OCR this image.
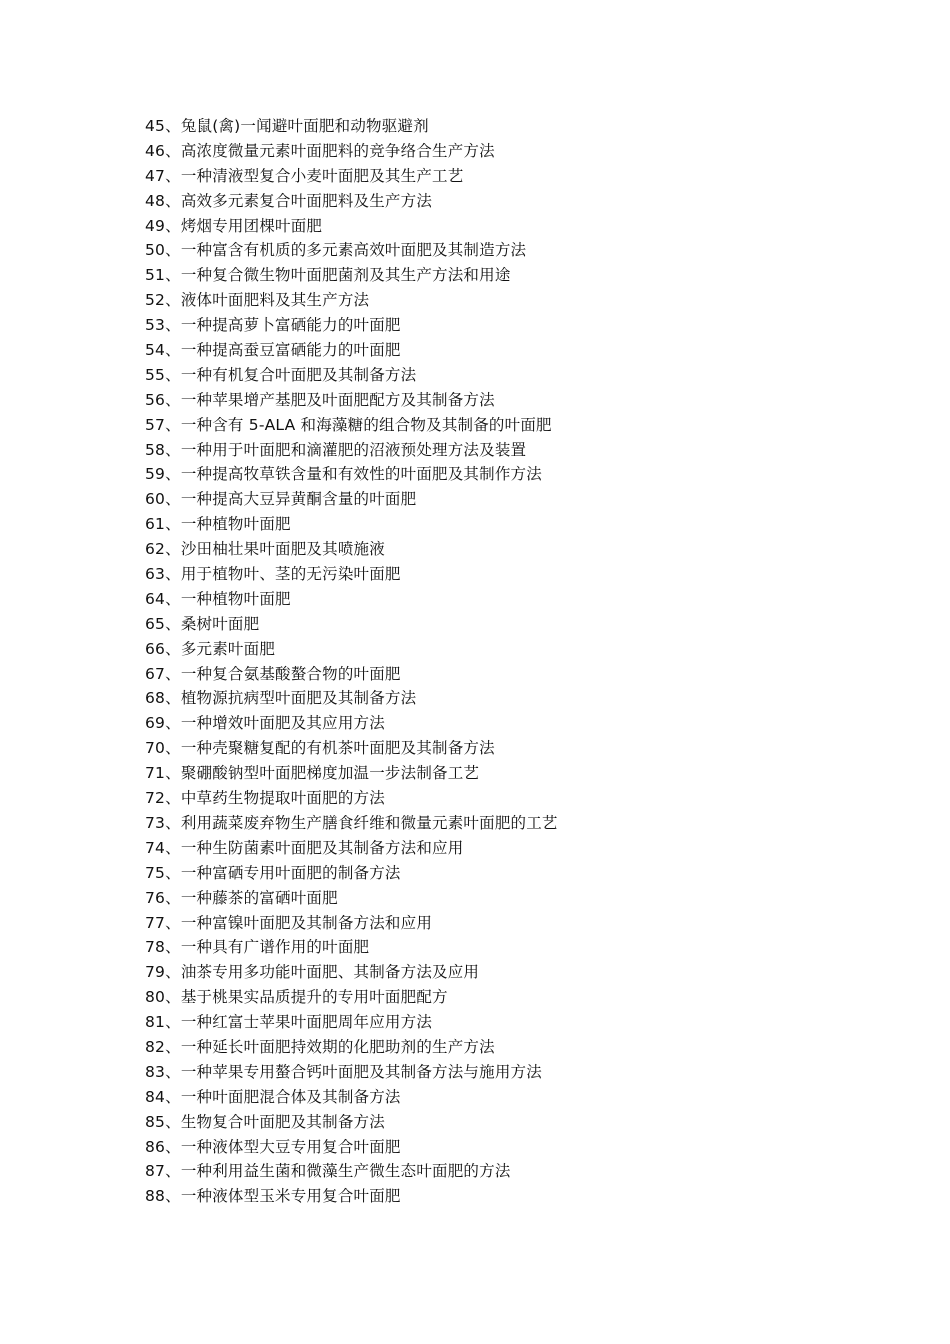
45、兔鼠(禽)一闻避叶面肥和动物驱避剂
46、高浓度微量元素叶面肥料的竞争络合生产方法
47、一种清液型复合小麦叶面肥及其生产工艺
48、高效多元素复合叶面肥料及生产方法
49、烤烟专用团棵叶面肥
50、一种富含有机质的多元素高效叶面肥及其制造方法
51、一种复合微生物叶面肥菌剂及其生产方法和用途
52、液体叶面肥料及其生产方法
53、一种提高萝卜富硒能力的叶面肥
54、一种提高蚕豆富硒能力的叶面肥
55、一种有机复合叶面肥及其制备方法
56、一种苹果增产基肥及叶面肥配方及其制备方法
57、一种含有 5-ALA 和海藻糖的组合物及其制备的叶面肥
58、一种用于叶面肥和滴灌肥的沼液预处理方法及装置
59、一种提高牧草铁含量和有效性的叶面肥及其制作方法
60、一种提高大豆异黄酮含量的叶面肥
61、一种植物叶面肥
62、沙田柚壮果叶面肥及其喷施液
63、用于植物叶、茎的无污染叶面肥
64、一种植物叶面肥
65、桑树叶面肥
66、多元素叶面肥
67、一种复合氨基酸螯合物的叶面肥
68、植物源抗病型叶面肥及其制备方法
69、一种增效叶面肥及其应用方法
70、一种壳聚糖复配的有机茶叶面肥及其制备方法
71、聚硼酸钠型叶面肥梯度加温一步法制备工艺
72、中草药生物提取叶面肥的方法
73、利用蔬菜废弃物生产膳食纤维和微量元素叶面肥的工艺
74、一种生防菌素叶面肥及其制备方法和应用
75、一种富硒专用叶面肥的制备方法
76、一种藤茶的富硒叶面肥
77、一种富镍叶面肥及其制备方法和应用
78、一种具有广谱作用的叶面肥
79、油茶专用多功能叶面肥、其制备方法及应用
80、基于桃果实品质提升的专用叶面肥配方
81、一种红富士苹果叶面肥周年应用方法
82、一种延长叶面肥持效期的化肥助剂的生产方法
83、一种苹果专用螯合钙叶面肥及其制备方法与施用方法
84、一种叶面肥混合体及其制备方法
85、生物复合叶面肥及其制备方法
86、一种液体型大豆专用复合叶面肥
87、一种利用益生菌和微藻生产微生态叶面肥的方法
88、一种液体型玉米专用复合叶面肥
